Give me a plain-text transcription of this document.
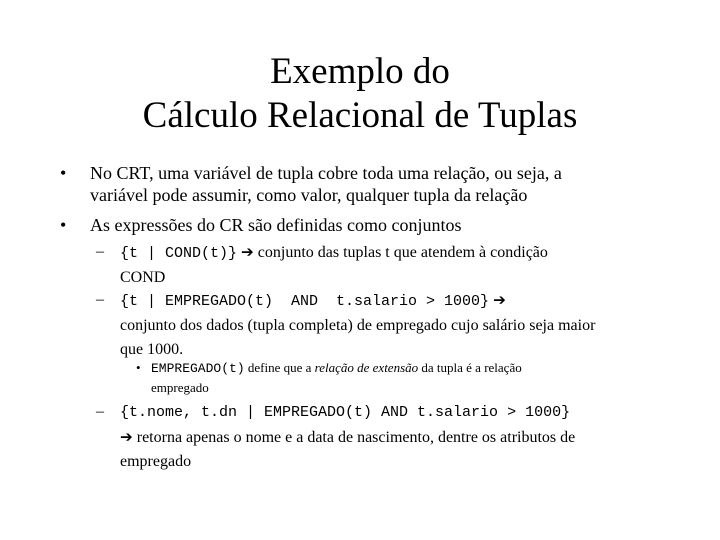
Exemplo do
Cálculo Relacional de Tuplas
• No CRT, uma variável de tupla cobre toda uma relação, ou seja, a
variável pode assumir, como valor, qualquer tupla da relação
• As expressões do CR são definidas como conjuntos
– {t | COND(t)} ➔ conjunto das tuplas t que atendem à condição
COND
– {t | EMPREGADO(t)  AND  t.salario > 1000} ➔
conjunto dos dados (tupla completa) de empregado cujo salário seja maior
que 1000.
• EMPREGADO(t) define que a relação de extensão da tupla é a relação
empregado
– {t.nome, t.dn | EMPREGADO(t) AND t.salario > 1000}
➔ retorna apenas o nome e a data de nascimento, dentre os atributos de
empregado
